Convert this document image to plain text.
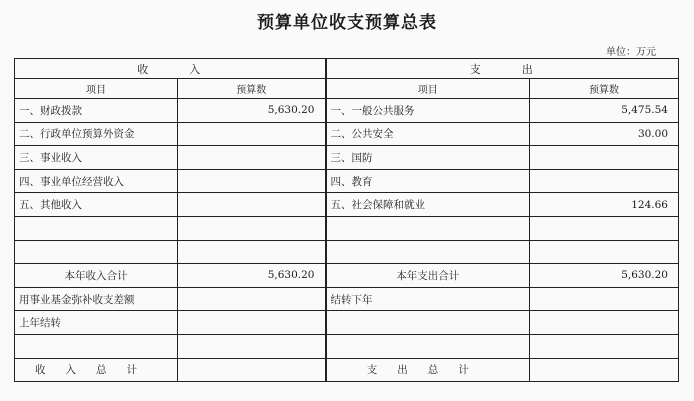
预算单位收支预算总表
单位：万元
收　　　入		支　　　出	
项目	预算数	项目	预算数
一、财政拨款	5,630.20	一、一般公共服务	5,475.54
二、行政单位预算外资金		二、公共安全	30.00
三、事业收入		三、国防	
四、事业单位经营收入		四、教育	
五、其他收入		五、社会保障和就业	124.66

本年收入合计	5,630.20	本年支出合计	5,630.20
用事业基金弥补收支差额		结转下年	
上年结转			

收入总计		支出总计	
